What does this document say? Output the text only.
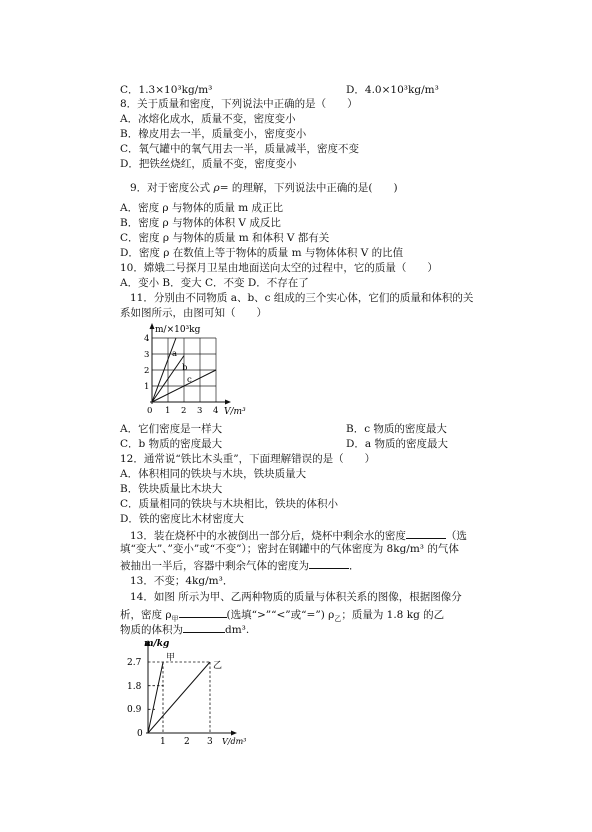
C．1.3×10³kg/m³	D．4.0×10³kg/m³
8．关于质量和密度，下列说法中正确的是（　　）
A．冰熔化成水，质量不变，密度变小
B．橡皮用去一半，质量变小，密度变小
C．氧气罐中的氧气用去一半，质量减半，密度不变
D．把铁丝烧红，质量不变，密度变小
9．对于密度公式 ρ= 的理解，下列说法中正确的是(　　)
A．密度 ρ 与物体的质量 m 成正比
B．密度 ρ 与物体的体积 V 成反比
C．密度 ρ 与物体的质量 m 和体积 V 都有关
D．密度 ρ 在数值上等于物体的质量 m 与物体体积 V 的比值
10．嫦娥二号探月卫星由地面送向太空的过程中，它的质量（　　）
A．变小 B．变大 C．不变 D．不存在了
11．分别由不同物质 a、b、c 组成的三个实心体，它们的质量和体积的关
系如图所示，由图可知（　　）
m/×10³kg
1
2
3
4
0 1 2 3 4 V/m³
a
b
c
A．它们密度是一样大	B．c 物质的密度最大
C．b 物质的密度最大	D．a 物质的密度最大
12．通常说“铁比木头重”，下面理解错误的是（　　）
A．体积相同的铁块与木块，铁块质量大
B．铁块质量比木块大
C．质量相同的铁块与木块相比，铁块的体积小
D．铁的密度比木材密度大
13．装在烧杯中的水被倒出一部分后，烧杯中剩余水的密度	（选
填“变大”、”变小”或“不变”）；密封在钢罐中的气体密度为 8kg/m³ 的气体
被抽出一半后，容器中剩余气体的密度为	．
13．不变；4kg/m³．
14．如图 所示为甲、乙两种物质的质量与体积关系的图像，根据图像分
析，密度 $\rho_甲$	(选填“>”“<”或“=”) $\rho_乙$；质量为 1.8 kg 的乙
物质的体积为	dm³.
m/kg
2.7
1.8
0.9
0
1 2 3 V/dm³
甲
乙
